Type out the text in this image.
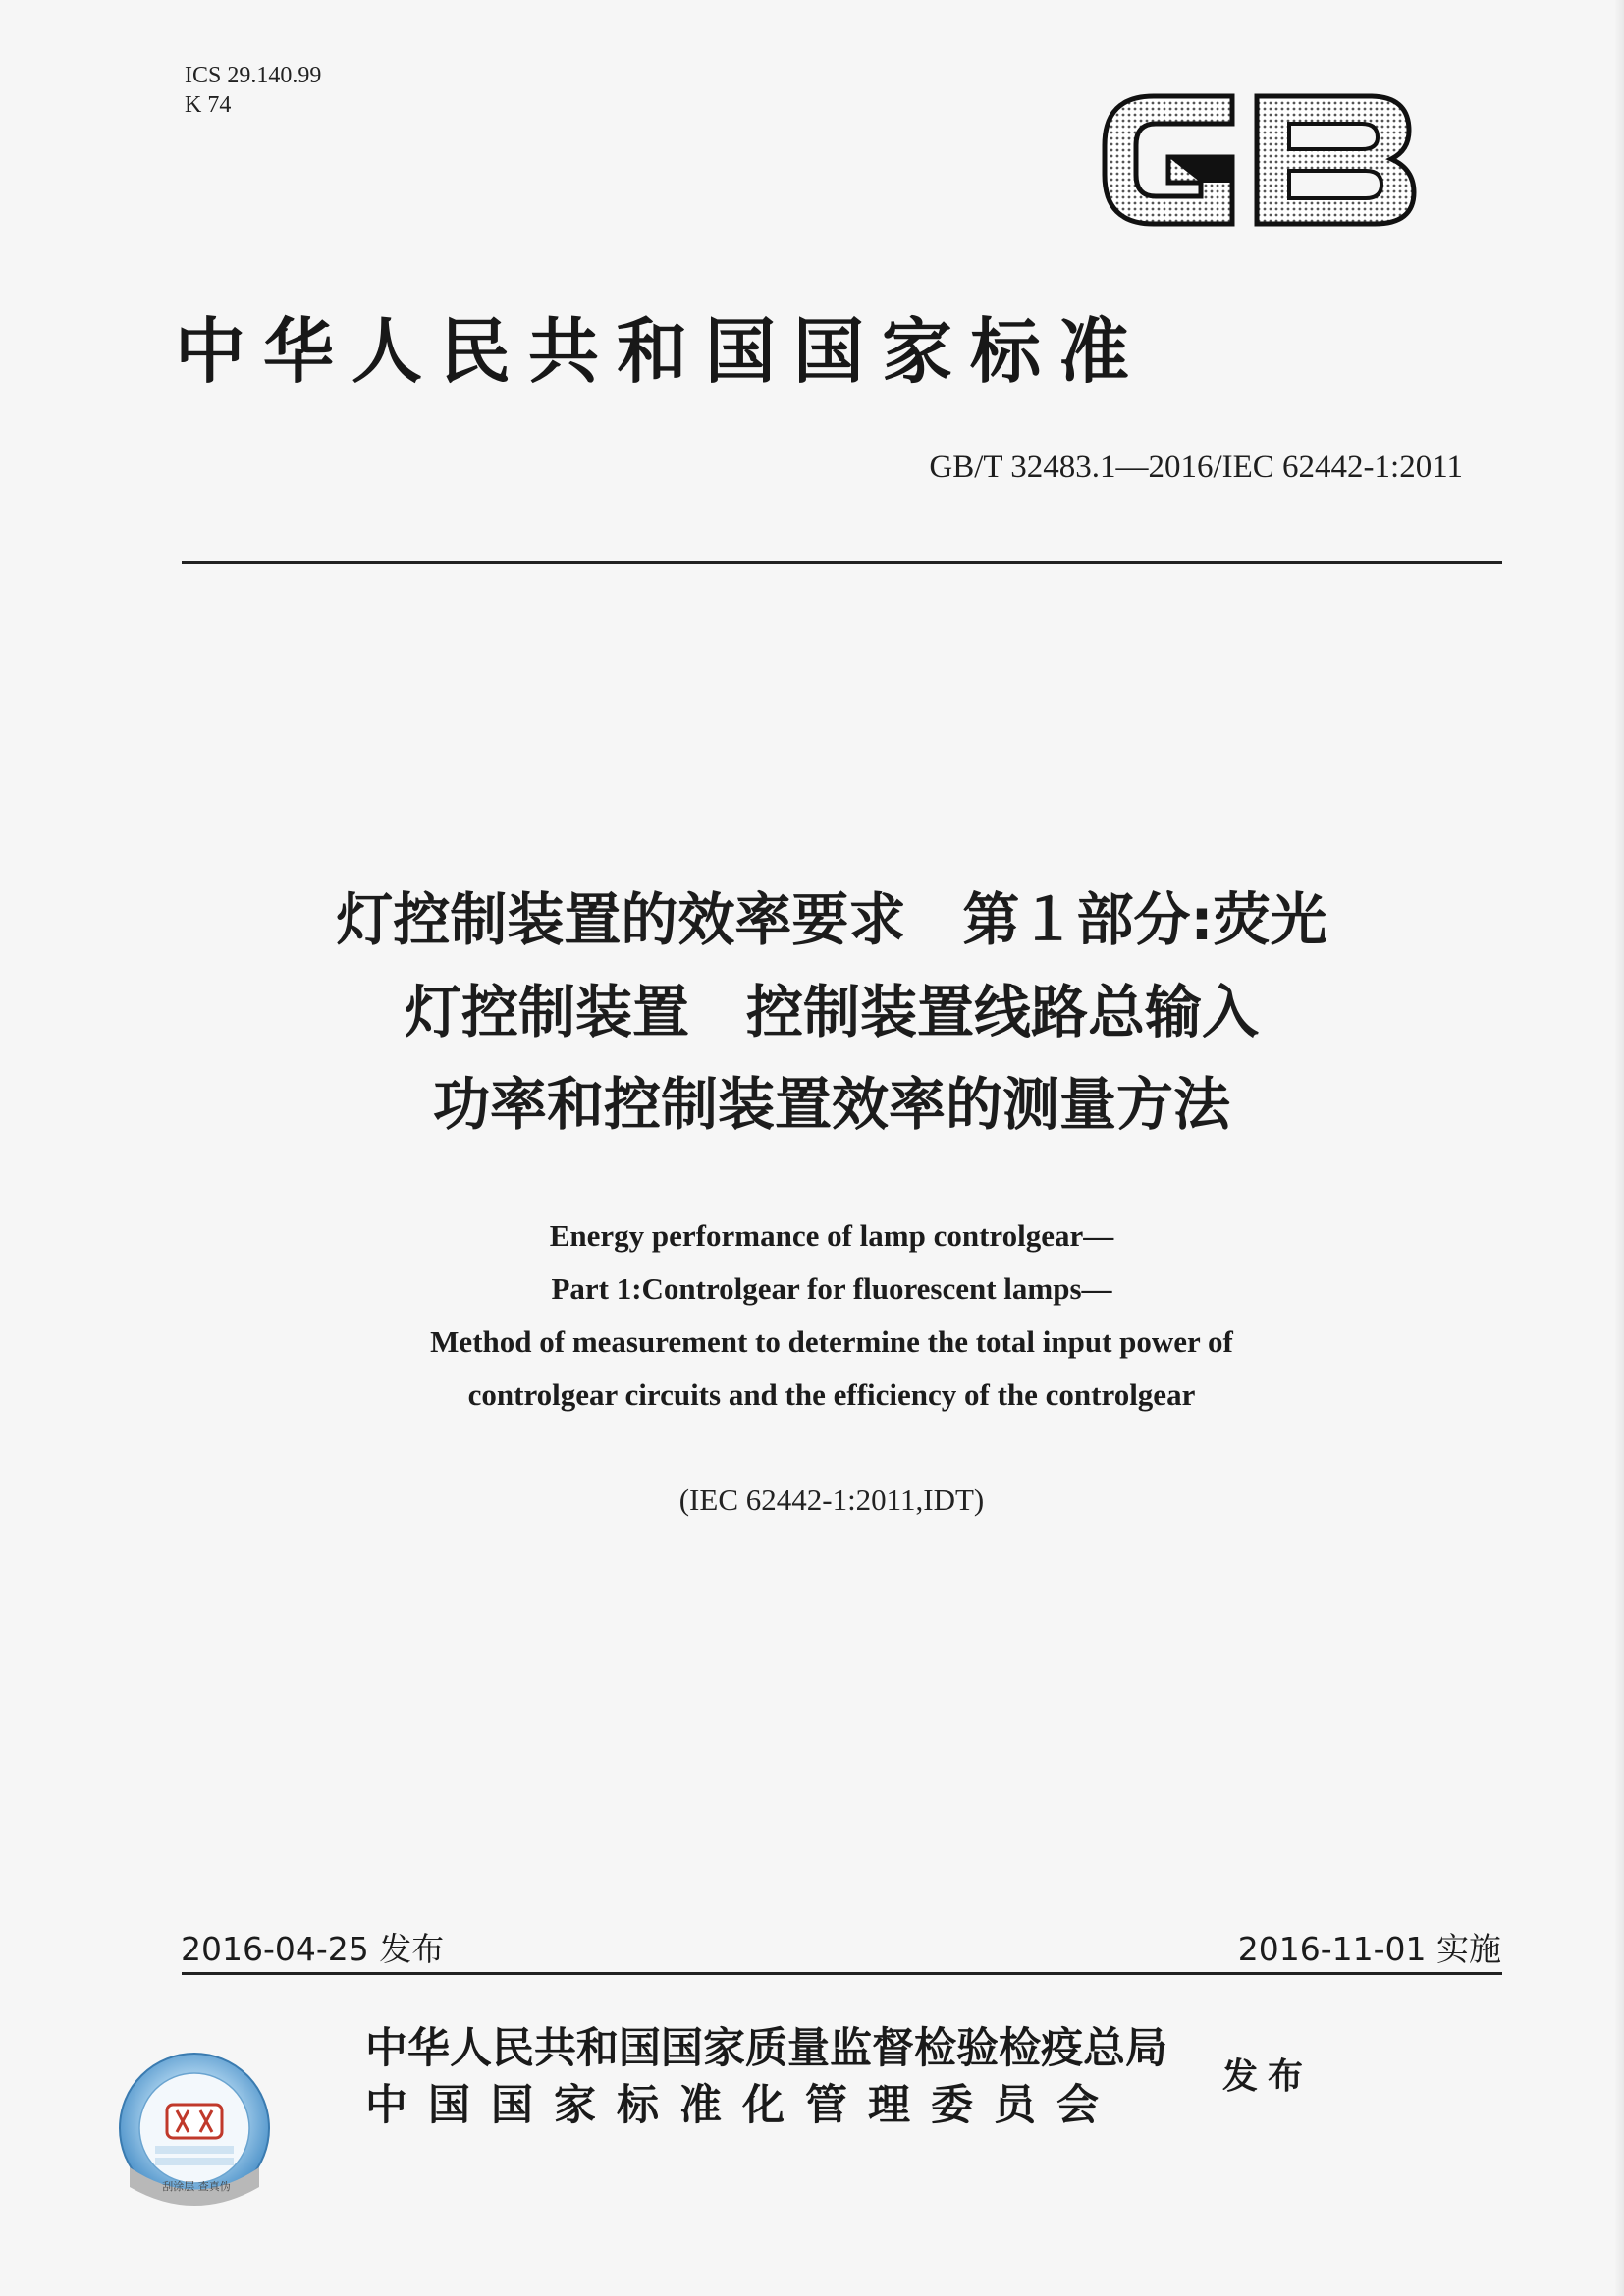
ICS 29.140.99
K 74
中华人民共和国国家标准
GB/T 32483.1—2016/IEC 62442-1:2011
灯控制装置的效率要求　第１部分:荧光
灯控制装置　控制装置线路总输入
功率和控制装置效率的测量方法
Energy performance of lamp controlgear—
Part 1:Controlgear for fluorescent lamps—
Method of measurement to determine the total input power of
controlgear circuits and the efficiency of the controlgear
(IEC 62442-1:2011,IDT)
2016-04-25 发布	2016-11-01 实施
中华人民共和国国家质量监督检验检疫总局
中国国家标准化管理委员会
发布
刮涂层 查真伪
